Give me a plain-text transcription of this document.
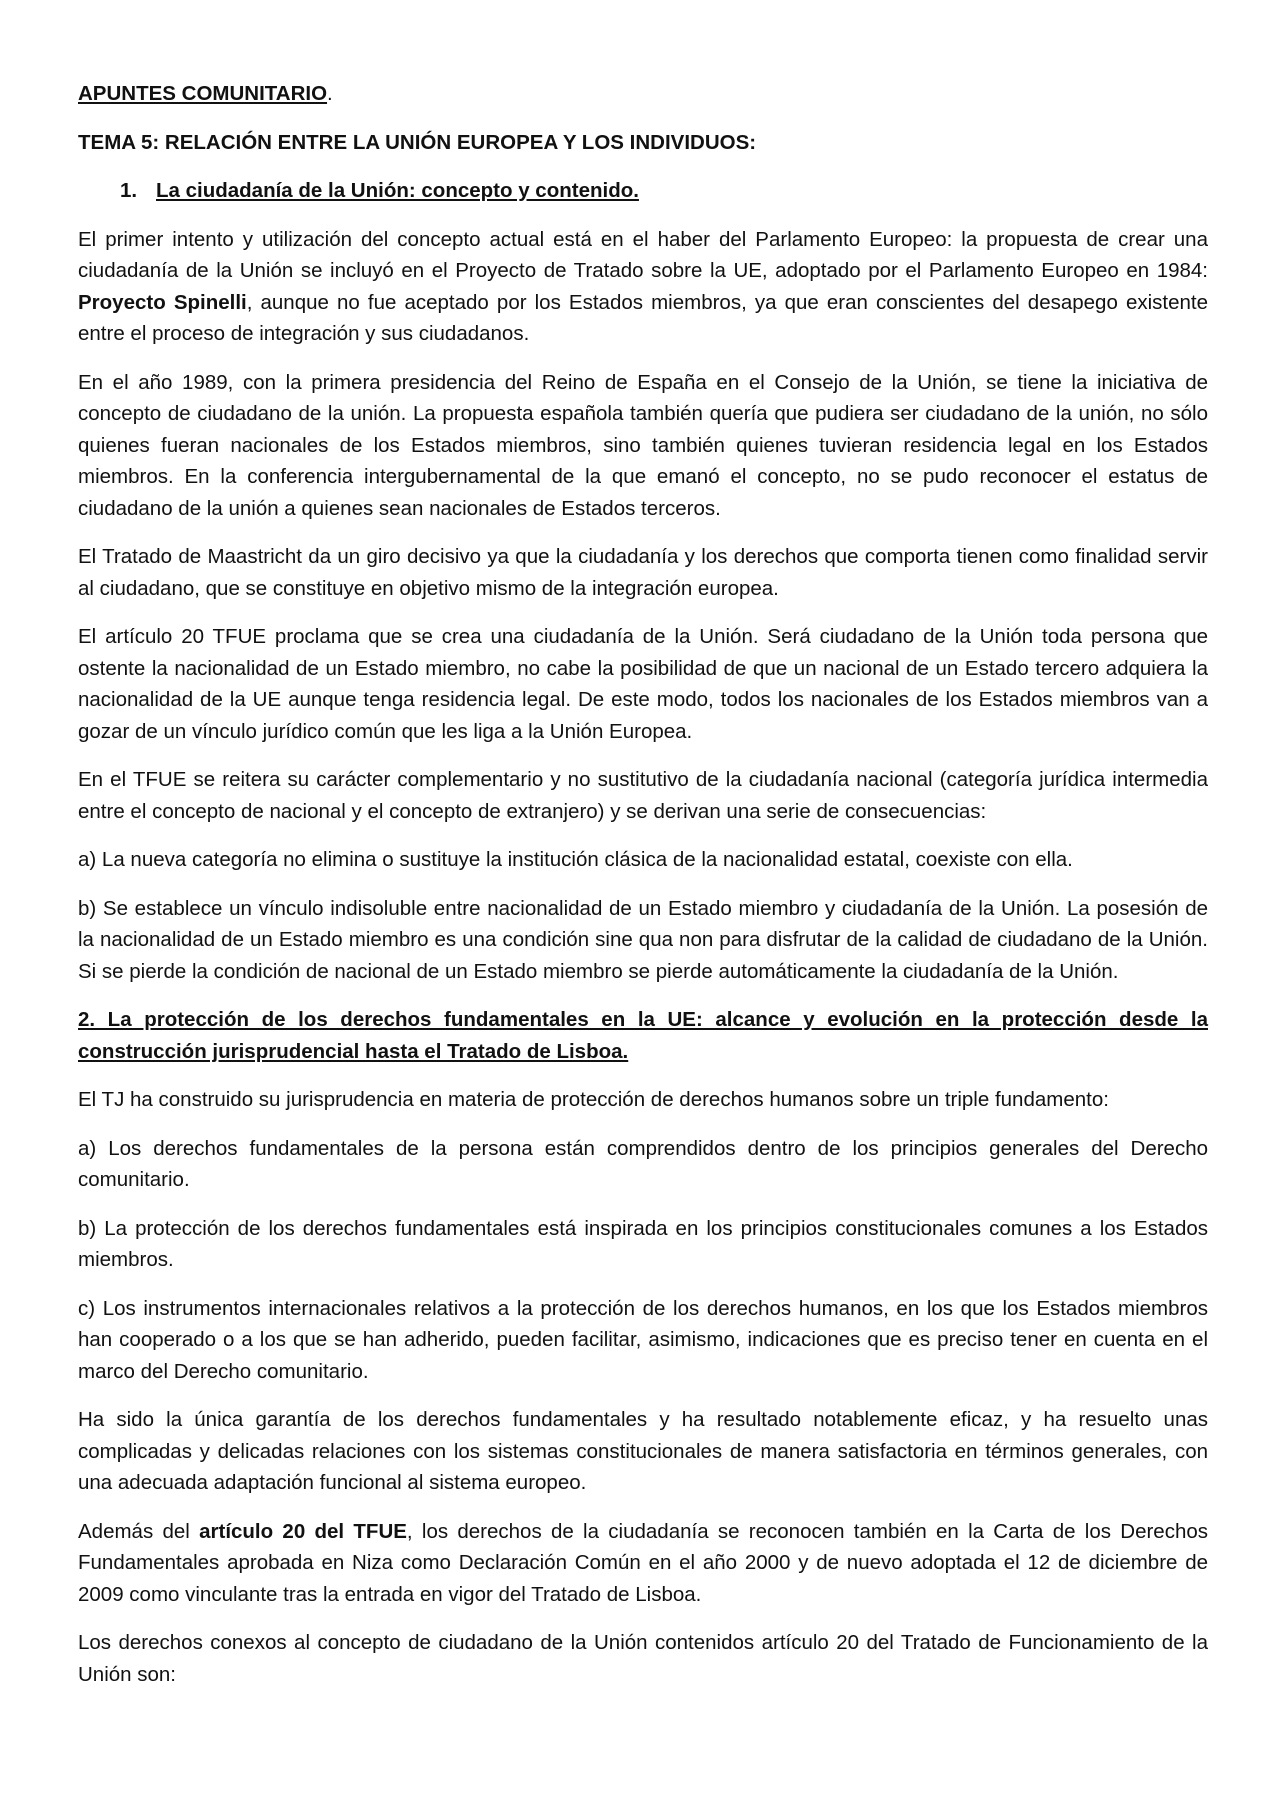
APUNTES COMUNITARIO.

TEMA 5: RELACIÓN ENTRE LA UNIÓN EUROPEA Y LOS INDIVIDUOS:

1. La ciudadanía de la Unión: concepto y contenido.

El primer intento y utilización del concepto actual está en el haber del Parlamento Europeo: la propuesta de crear una ciudadanía de la Unión se incluyó en el Proyecto de Tratado sobre la UE, adoptado por el Parlamento Europeo en 1984: Proyecto Spinelli, aunque no fue aceptado por los Estados miembros, ya que eran conscientes del desapego existente entre el proceso de integración y sus ciudadanos.

En el año 1989, con la primera presidencia del Reino de España en el Consejo de la Unión, se tiene la iniciativa de concepto de ciudadano de la unión. La propuesta española también quería que pudiera ser ciudadano de la unión, no sólo quienes fueran nacionales de los Estados miembros, sino también quienes tuvieran residencia legal en los Estados miembros. En la conferencia intergubernamental de la que emanó el concepto, no se pudo reconocer el estatus de ciudadano de la unión a quienes sean nacionales de Estados terceros.

El Tratado de Maastricht da un giro decisivo ya que la ciudadanía y los derechos que comporta tienen como finalidad servir al ciudadano, que se constituye en objetivo mismo de la integración europea.

El artículo 20 TFUE proclama que se crea una ciudadanía de la Unión. Será ciudadano de la Unión toda persona que ostente la nacionalidad de un Estado miembro, no cabe la posibilidad de que un nacional de un Estado tercero adquiera la nacionalidad de la UE aunque tenga residencia legal. De este modo, todos los nacionales de los Estados miembros van a gozar de un vínculo jurídico común que les liga a la Unión Europea.

En el TFUE se reitera su carácter complementario y no sustitutivo de la ciudadanía nacional (categoría jurídica intermedia entre el concepto de nacional y el concepto de extranjero) y se derivan una serie de consecuencias:

a) La nueva categoría no elimina o sustituye la institución clásica de la nacionalidad estatal, coexiste con ella.

b) Se establece un vínculo indisoluble entre nacionalidad de un Estado miembro y ciudadanía de la Unión. La posesión de la nacionalidad de un Estado miembro es una condición sine qua non para disfrutar de la calidad de ciudadano de la Unión. Si se pierde la condición de nacional de un Estado miembro se pierde automáticamente la ciudadanía de la Unión.

2. La protección de los derechos fundamentales en la UE: alcance y evolución en la protección desde la construcción jurisprudencial hasta el Tratado de Lisboa.

El TJ ha construido su jurisprudencia en materia de protección de derechos humanos sobre un triple fundamento:

a) Los derechos fundamentales de la persona están comprendidos dentro de los principios generales del Derecho comunitario.

b) La protección de los derechos fundamentales está inspirada en los principios constitucionales comunes a los Estados miembros.

c) Los instrumentos internacionales relativos a la protección de los derechos humanos, en los que los Estados miembros han cooperado o a los que se han adherido, pueden facilitar, asimismo, indicaciones que es preciso tener en cuenta en el marco del Derecho comunitario.

Ha sido la única garantía de los derechos fundamentales y ha resultado notablemente eficaz, y ha resuelto unas complicadas y delicadas relaciones con los sistemas constitucionales de manera satisfactoria en términos generales, con una adecuada adaptación funcional al sistema europeo.

Además del artículo 20 del TFUE, los derechos de la ciudadanía se reconocen también en la Carta de los Derechos Fundamentales aprobada en Niza como Declaración Común en el año 2000 y de nuevo adoptada el 12 de diciembre de 2009 como vinculante tras la entrada en vigor del Tratado de Lisboa.

Los derechos conexos al concepto de ciudadano de la Unión contenidos artículo 20 del Tratado de Funcionamiento de la Unión son:
